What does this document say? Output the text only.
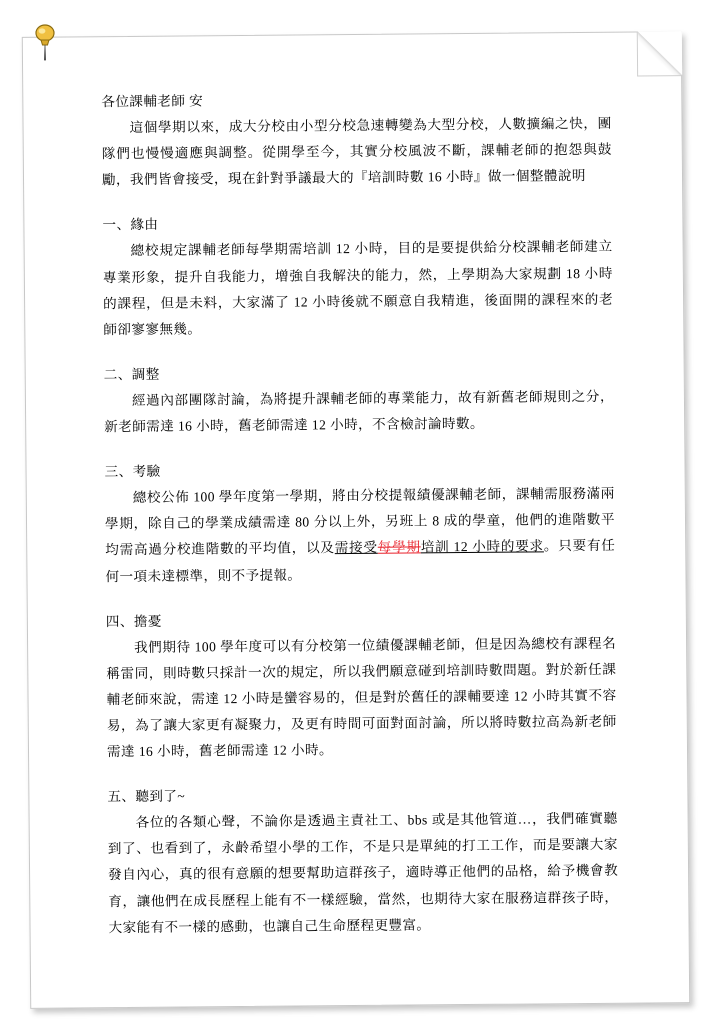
各位課輔老師 安

這個學期以來，成大分校由小型分校急速轉變為大型分校，人數擴編之快，團隊們也慢慢適應與調整。從開學至今，其實分校風波不斷，課輔老師的抱怨與鼓勵，我們皆會接受，現在針對爭議最大的『培訓時數 16 小時』做一個整體說明

一、緣由

總校規定課輔老師每學期需培訓 12 小時，目的是要提供給分校課輔老師建立專業形象，提升自我能力，增強自我解決的能力，然，上學期為大家規劃 18 小時的課程，但是未料，大家滿了 12 小時後就不願意自我精進，後面開的課程來的老師卻寥寥無幾。

二、調整

經過內部團隊討論，為將提升課輔老師的專業能力，故有新舊老師規則之分，新老師需達 16 小時，舊老師需達 12 小時，不含檢討論時數。

三、考驗

總校公佈 100 學年度第一學期，將由分校提報績優課輔老師，課輔需服務滿兩學期，除自己的學業成績需達 80 分以上外，另班上 8 成的學童，他們的進階數平均需高過分校進階數的平均值，以及需接受每學期培訓 12 小時的要求。只要有任何一項未達標準，則不予提報。

四、擔憂

我們期待 100 學年度可以有分校第一位績優課輔老師，但是因為總校有課程名稱雷同，則時數只採計一次的規定，所以我們願意碰到培訓時數問題。對於新任課輔老師來說，需達 12 小時是蠻容易的，但是對於舊任的課輔要達 12 小時其實不容易，為了讓大家更有凝聚力，及更有時間可面對面討論，所以將時數拉高為新老師需達 16 小時，舊老師需達 12 小時。

五、聽到了~

各位的各類心聲，不論你是透過主責社工、bbs 或是其他管道…，我們確實聽到了、也看到了，永齡希望小學的工作，不是只是單純的打工工作，而是要讓大家發自內心，真的很有意願的想要幫助這群孩子，適時導正他們的品格，給予機會教育，讓他們在成長歷程上能有不一樣經驗，當然，也期待大家在服務這群孩子時，大家能有不一樣的感動，也讓自己生命歷程更豐富。
